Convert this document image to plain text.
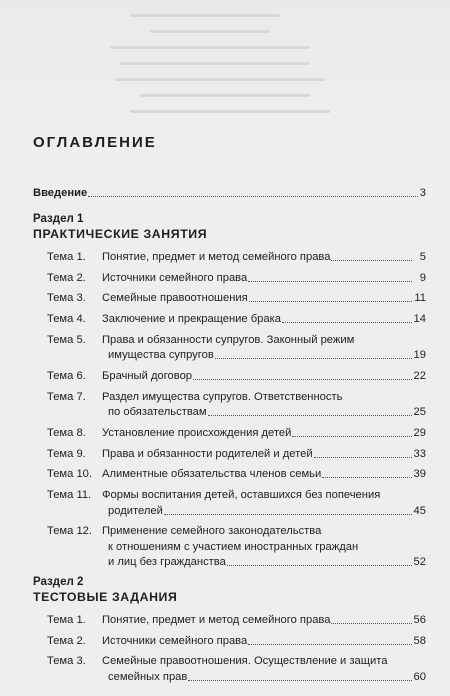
ОГЛАВЛЕНИЕ
Введение	3
Раздел 1
ПРАКТИЧЕСКИЕ ЗАНЯТИЯ
Тема 1. Понятие, предмет и метод семейного права	5
Тема 2. Источники семейного права	9
Тема 3. Семейные правоотношения	11
Тема 4. Заключение и прекращение брака	14
Тема 5. Права и обязанности супругов. Законный режим
имущества супругов	19
Тема 6. Брачный договор	22
Тема 7. Раздел имущества супругов. Ответственность
по обязательствам	25
Тема 8. Установление происхождения детей	29
Тема 9. Права и обязанности родителей и детей	33
Тема 10. Алиментные обязательства членов семьи	39
Тема 11. Формы воспитания детей, оставшихся без попечения
родителей	45
Тема 12. Применение семейного законодательства
к отношениям с участием иностранных граждан
и лиц без гражданства	52
Раздел 2
ТЕСТОВЫЕ ЗАДАНИЯ
Тема 1. Понятие, предмет и метод семейного права	56
Тема 2. Источники семейного права	58
Тема 3. Семейные правоотношения. Осуществление и защита
семейных прав	60
